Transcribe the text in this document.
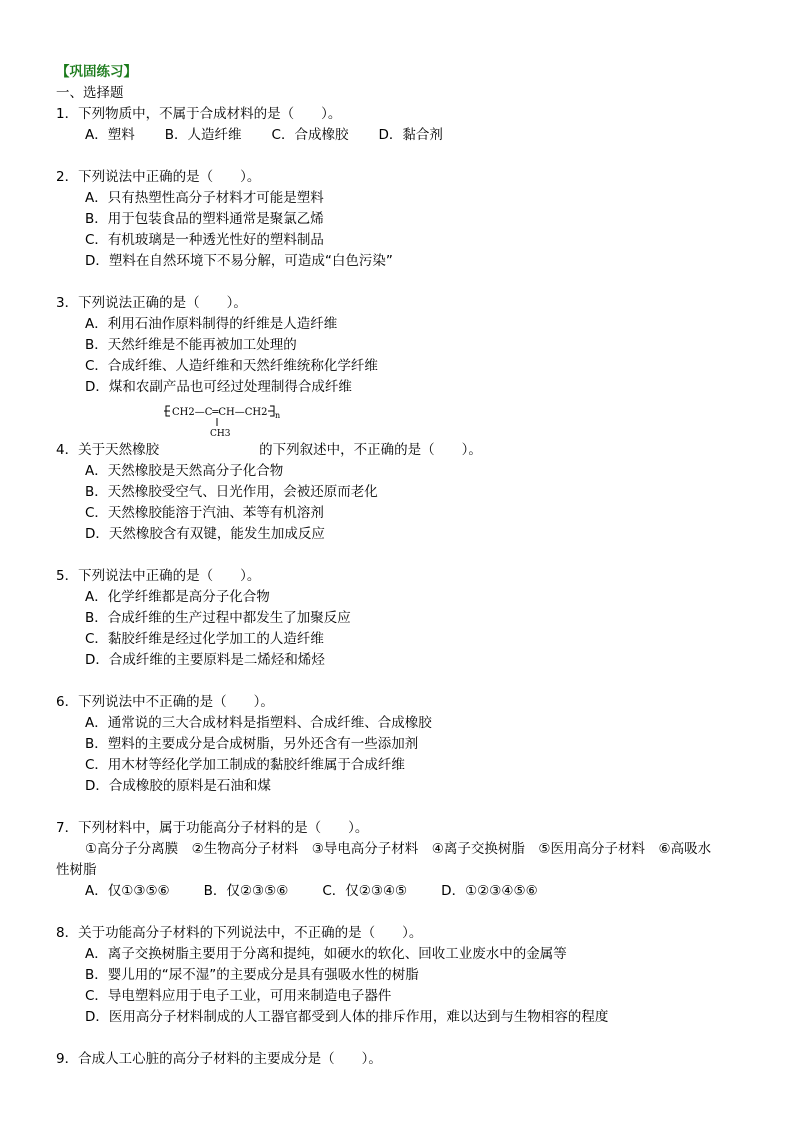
【巩固练习】
一、选择题
1．下列物质中，不属于合成材料的是（　　）。
A．塑料 B．人造纤维 C．合成橡胶 D．黏合剂
2．下列说法中正确的是（　　）。
A．只有热塑性高分子材料才可能是塑料
B．用于包装食品的塑料通常是聚氯乙烯
C．有机玻璃是一种透光性好的塑料制品
D．塑料在自然环境下不易分解，可造成“白色污染”
3．下列说法正确的是（　　）。
A．利用石油作原料制得的纤维是人造纤维
B．天然纤维是不能再被加工处理的
C．合成纤维、人造纤维和天然纤维统称化学纤维
D．煤和农副产品也可经过处理制得合成纤维
CH2—C═CH—CH2
CH3
n
4．关于天然橡胶	的下列叙述中，不正确的是（　　）。
A．天然橡胶是天然高分子化合物
B．天然橡胶受空气、日光作用，会被还原而老化
C．天然橡胶能溶于汽油、苯等有机溶剂
D．天然橡胶含有双键，能发生加成反应
5．下列说法中正确的是（　　）。
A．化学纤维都是高分子化合物
B．合成纤维的生产过程中都发生了加聚反应
C．黏胶纤维是经过化学加工的人造纤维
D．合成纤维的主要原料是二烯烃和烯烃
6．下列说法中不正确的是（　　）。
A．通常说的三大合成材料是指塑料、合成纤维、合成橡胶
B．塑料的主要成分是合成树脂，另外还含有一些添加剂
C．用木材等经化学加工制成的黏胶纤维属于合成纤维
D．合成橡胶的原料是石油和煤
7．下列材料中，属于功能高分子材料的是（　　）。
①高分子分离膜　②生物高分子材料　③导电高分子材料　④离子交换树脂　⑤医用高分子材料　⑥高吸水
性树脂
A．仅①③⑤⑥	B．仅②③⑤⑥	C．仅②③④⑤	D．①②③④⑤⑥
8．关于功能高分子材料的下列说法中，不正确的是（　　）。
A．离子交换树脂主要用于分离和提纯，如硬水的软化、回收工业废水中的金属等
B．婴儿用的“尿不湿”的主要成分是具有强吸水性的树脂
C．导电塑料应用于电子工业，可用来制造电子器件
D．医用高分子材料制成的人工器官都受到人体的排斥作用，难以达到与生物相容的程度
9．合成人工心脏的高分子材料的主要成分是（　　）。
